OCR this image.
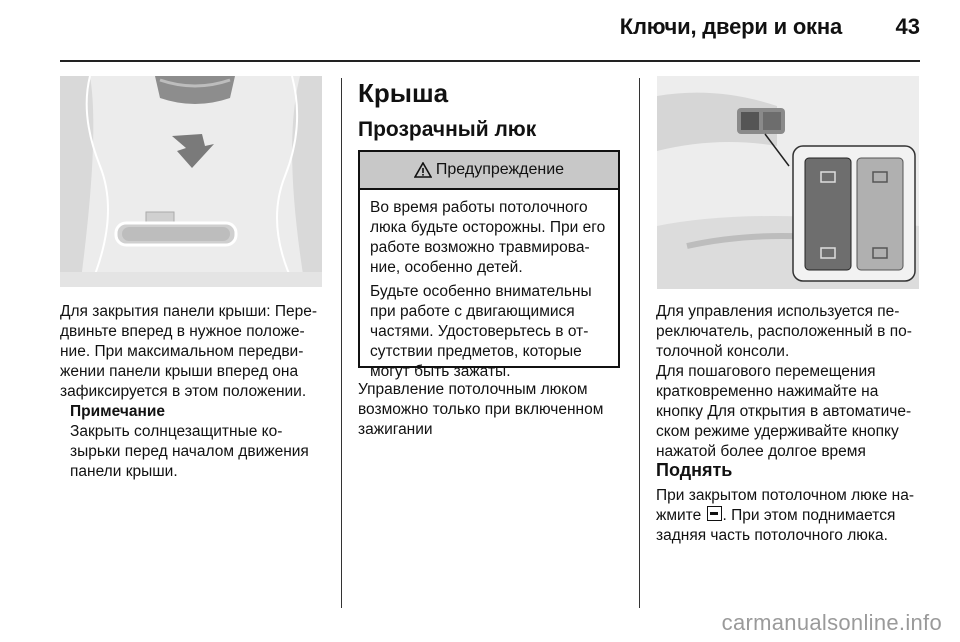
Ключи, двери и окна 43

Для закрытия панели крыши: Пере-двиньте вперед в нужное положе-ние. При максимальном передви-жении панели крыши вперед она зафиксируется в этом положении.

Примечание
Закрыть солнцезащитные ко-зырьки перед началом движения панели крыши.
Крыша
Прозрачный люк
Предупреждение

Во время работы потолочного люка будьте осторожны. При его работе возможно травмирова-ние, особенно детей.

Будьте особенно внимательны при работе с двигающимися частями. Удостоверьтесь в от-сутствии предметов, которые могут быть зажаты.

Управление потолочным люком возможно только при включенном зажигании

Для управления используется пе-реключатель, расположенный в по-толочной консоли.

Для пошагового перемещения кратковременно нажимайте на кнопку Для открытия в автоматиче-ском режиме удерживайте кнопку нажатой более долгое время

Поднять

При закрытом потолочном люке на-жмите . При этом поднимается задняя часть потолочного люка.

carmanualsonline.info
